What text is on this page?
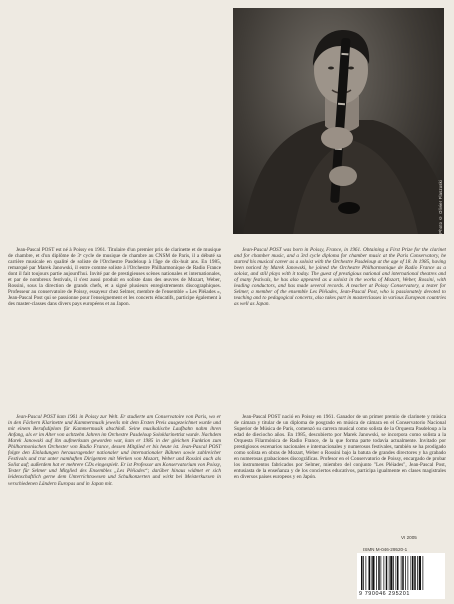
Photo © Olivier Flaszuski

Jean-Pascal POST est né à Poissy en 1961. Titulaire d'un premier prix de clarinette et de musique de chambre, et d'un diplôme de 3ᵉ cycle de musique de chambre au CNSM de Paris, il a débuté sa carrière musicale en qualité de soliste de l'Orchestre Pasdeloup à l'âge de dix-huit ans. En 1985, remarqué par Marek Janowski, il entre comme soliste à l'Orchestre Philharmonique de Radio France dont il fait toujours partie aujourd'hui. Invité par de prestigieuses scènes nationales et internationales, et par de nombreux festivals, il s'est aussi produit en soliste dans des œuvres de Mozart, Weber, Rossini, sous la direction de grands chefs, et a signé plusieurs enregistrements discographiques. Professeur au conservatoire de Poissy, essayeur chez Selmer, membre de l'ensemble « Les Pléiades », Jean-Pascal Post qui se passionne pour l'enseignement et les concerts éducatifs, participe également à des master-classes dans divers pays européens et au Japon.

Jean-Pascal POST was born in Poissy, France, in 1961. Obtaining a First Prize for the clarinet and for chamber music, and a 3rd cycle diploma for chamber music at the Paris Conservatory, he started his musical career as a soloist with the Orchestre Pasdeloup at the age of 18. In 1985, having been noticed by Marek Janowski, he joined the Orchestre Philharmonique de Radio France as a soloist, and still plays with it today. The guest of prestigious national and international theatres and of many festivals, he has also appeared as a soloist in the works of Mozart, Weber, Rossini, with leading conductors, and has made several records. A teacher at Poissy Conservatory, a tester for Selmer, a member of the ensemble Les Pléiades, Jean-Pascal Post, who is passionately devoted to teaching and to pedagogical concerts, also takes part in masterclasses in various European countries as well as Japan.

Jean-Pascal POST kam 1961 in Poissy zur Welt. Er studierte am Conservatoire von Paris, wo er in den Fächern Klarinette und Kammermusik jeweils mit dem Ersten Preis ausgezeichnet wurde und mit einem Berufsdiplom für Kammermusik abschloß. Seine musikalische Laufbahn nahm ihren Anfang, als er im Alter von achtzehn Jahren im Orchestre Pasdeloup Soloklarinettist wurde. Nachdem Marek Janowski auf ihn aufmerksam geworden war, kam er 1985 in der gleichen Funktion zum Philharmonischen Orchester von Radio France, dessen Mitglied er bis heute ist. Jean-Pascal POST folgte den Einladungen herausragender nationaler und internationaler Bühnen sowie zahlreicher Festivals und trat unter namhaften Dirigenten mit Werken von Mozart, Weber und Rossini auch als Solist auf; außerdem hat er mehrere CDs eingespielt. Er ist Professor am Konservatorium von Poissy, Tester für Selmer und Mitglied des Ensembles „Les Pléiades“; darüber hinaus widmet er sich leidenschaftlich gerne dem Unterrichtswesen und Schulkonzerten und wirkt bei Meisterkursen in verschiedenen Ländern Europas und in Japan mit.

Jean-Pascal POST nació en Poissy en 1961. Ganador de un primer premio de clarinete y música de cámara y titular de un diploma de posgrado en música de cámara en el Conservatorio Nacional Superior de Música de París, comenzó su carrera musical como solista de la Orquesta Pasdeloup a la edad de dieciocho años. En 1985, descubierto por Marek Janowski, se incorpora como solista a la Orquesta Filarmónica de Radio France, de la que forma parte todavía actualmente. Invitado por prestigiosos escenarios nacionales e internacionales y numerosos festivales, también se ha prodigado como solista en obras de Mozart, Weber o Rossini bajo la batuta de grandes directores y ha grabado en numerosas grabaciones discográficas. Profesor en el Conservatorio de Poissy, encargado de probar los instrumentos fabricados por Selmer, miembro del conjunto "Les Pléiades", Jean-Pascal Post, entusiasta de la enseñanza y de los conciertos educativos, participa igualmente en clases magistrales en diversos países europeos y en Japón.

VI 2005
ISMN M-046-29520-1
9 790046 295201
